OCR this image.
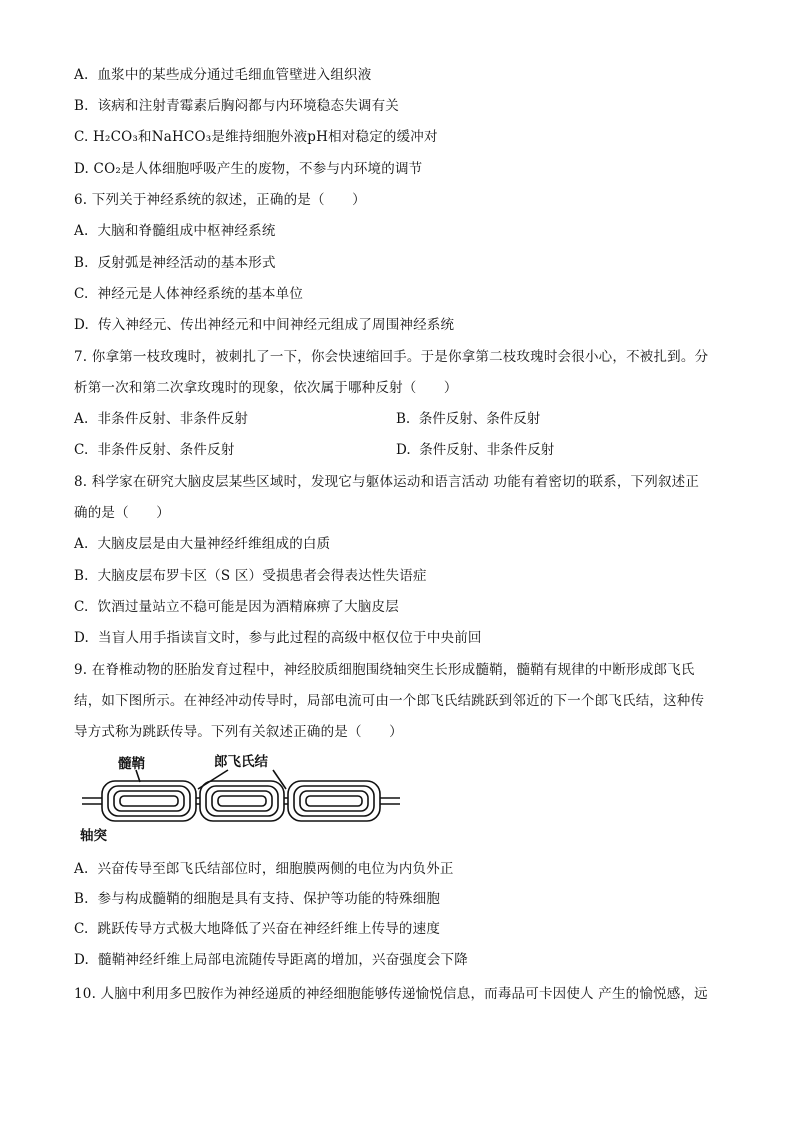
A. 血浆中的某些成分通过毛细血管壁进入组织液
B. 该病和注射青霉素后胸闷都与内环境稳态失调有关
C. H₂CO₃和NaHCO₃是维持细胞外液pH相对稳定的缓冲对
D. CO₂是人体细胞呼吸产生的废物，不参与内环境的调节
6. 下列关于神经系统的叙述，正确的是（　　）
A. 大脑和脊髓组成中枢神经系统
B. 反射弧是神经活动的基本形式
C. 神经元是人体神经系统的基本单位
D. 传入神经元、传出神经元和中间神经元组成了周围神经系统
7. 你拿第一枝玫瑰时，被刺扎了一下，你会快速缩回手。于是你拿第二枝玫瑰时会很小心，不被扎到。分
析第一次和第二次拿玫瑰时的现象，依次属于哪种反射（　　）
A. 非条件反射、非条件反射	B. 条件反射、条件反射
C. 非条件反射、条件反射	D. 条件反射、非条件反射
8. 科学家在研究大脑皮层某些区域时，发现它与躯体运动和语言活动 功能有着密切的联系，下列叙述正
确的是（　　）
A. 大脑皮层是由大量神经纤维组成的白质
B. 大脑皮层布罗卡区（S 区）受损患者会得表达性失语症
C. 饮酒过量站立不稳可能是因为酒精麻痹了大脑皮层
D. 当盲人用手指读盲文时，参与此过程的高级中枢仅位于中央前回
9. 在脊椎动物的胚胎发育过程中，神经胶质细胞围绕轴突生长形成髓鞘，髓鞘有规律的中断形成郎飞氏
结，如下图所示。在神经冲动传导时，局部电流可由一个郎飞氏结跳跃到邻近的下一个郎飞氏结，这种传
导方式称为跳跃传导。下列有关叙述正确的是（　　）
髓鞘	郎飞氏结
轴突
A. 兴奋传导至郎飞氏结部位时，细胞膜两侧的电位为内负外正
B. 参与构成髓鞘的细胞是具有支持、保护等功能的特殊细胞
C. 跳跃传导方式极大地降低了兴奋在神经纤维上传导的速度
D. 髓鞘神经纤维上局部电流随传导距离的增加，兴奋强度会下降
10. 人脑中利用多巴胺作为神经递质的神经细胞能够传递愉悦信息，而毒品可卡因使人 产生的愉悦感，远
